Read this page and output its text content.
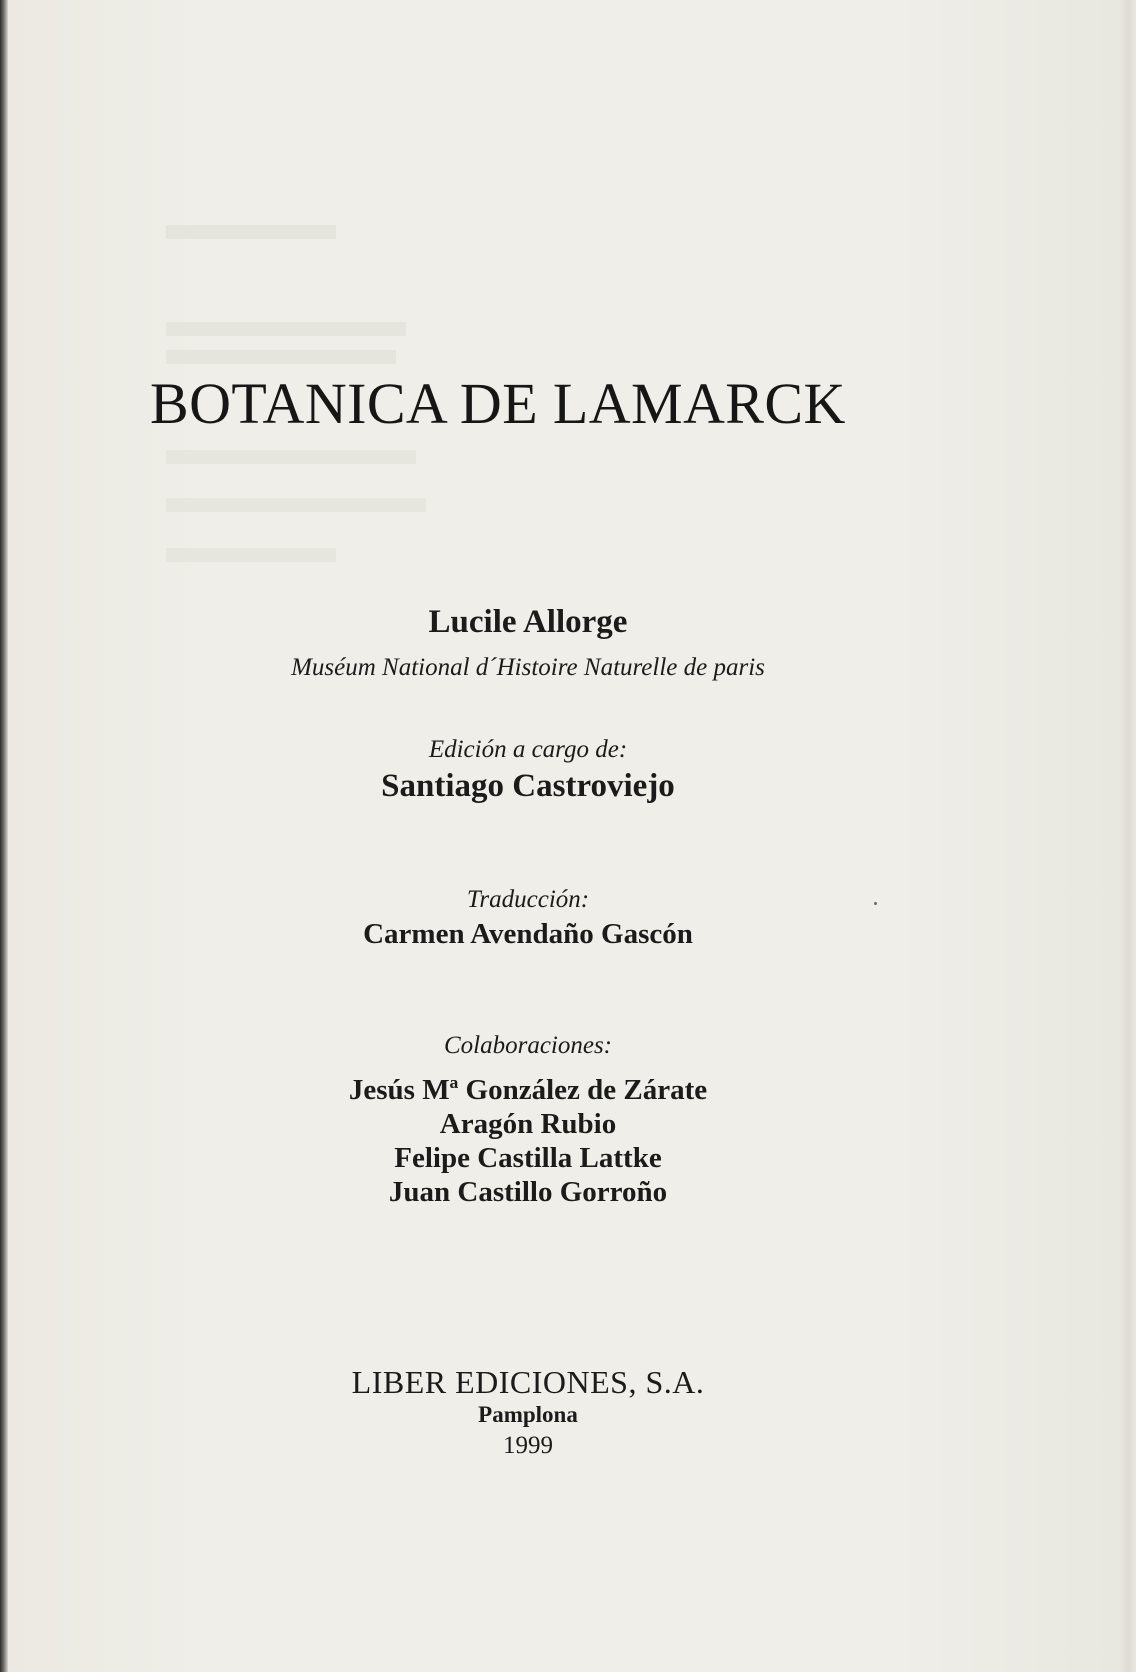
BOTANICA DE LAMARCK
Lucile Allorge
Muséum National d´Histoire Naturelle de paris
Edición a cargo de:
Santiago Castroviejo
Traducción:
Carmen Avendaño Gascón
Colaboraciones:
Jesús Mª González de Zárate
Aragón Rubio
Felipe Castilla Lattke
Juan Castillo Gorroño
LIBER EDICIONES, S.A.
Pamplona
1999
